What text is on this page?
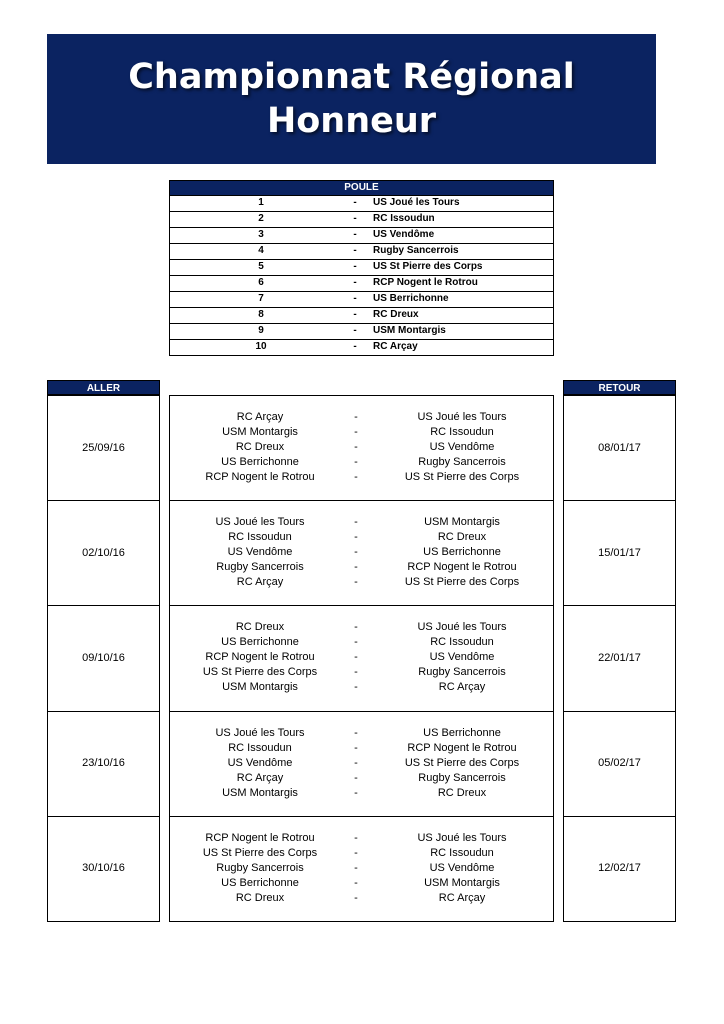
Championnat Régional
Honneur
POULE
1	-	US Joué les Tours
2	-	RC Issoudun
3	-	US Vendôme
4	-	Rugby Sancerrois
5	-	US St Pierre des Corps
6	-	RCP Nogent le Rotrou
7	-	US Berrichonne
8	-	RC Dreux
9	-	USM Montargis
10	-	RC Arçay
ALLER	RETOUR
25/09/16	08/01/17
RC Arçay	-	US Joué les Tours
USM Montargis	-	RC Issoudun
RC Dreux	-	US Vendôme
US Berrichonne	-	Rugby Sancerrois
RCP Nogent le Rotrou	-	US St Pierre des Corps
02/10/16	15/01/17
US Joué les Tours	-	USM Montargis
RC Issoudun	-	RC Dreux
US Vendôme	-	US Berrichonne
Rugby Sancerrois	-	RCP Nogent le Rotrou
RC Arçay	-	US St Pierre des Corps
09/10/16	22/01/17
RC Dreux	-	US Joué les Tours
US Berrichonne	-	RC Issoudun
RCP Nogent le Rotrou	-	US Vendôme
US St Pierre des Corps	-	Rugby Sancerrois
USM Montargis	-	RC Arçay
23/10/16	05/02/17
US Joué les Tours	-	US Berrichonne
RC Issoudun	-	RCP Nogent le Rotrou
US Vendôme	-	US St Pierre des Corps
RC Arçay	-	Rugby Sancerrois
USM Montargis	-	RC Dreux
30/10/16	12/02/17
RCP Nogent le Rotrou	-	US Joué les Tours
US St Pierre des Corps	-	RC Issoudun
Rugby Sancerrois	-	US Vendôme
US Berrichonne	-	USM Montargis
RC Dreux	-	RC Arçay
